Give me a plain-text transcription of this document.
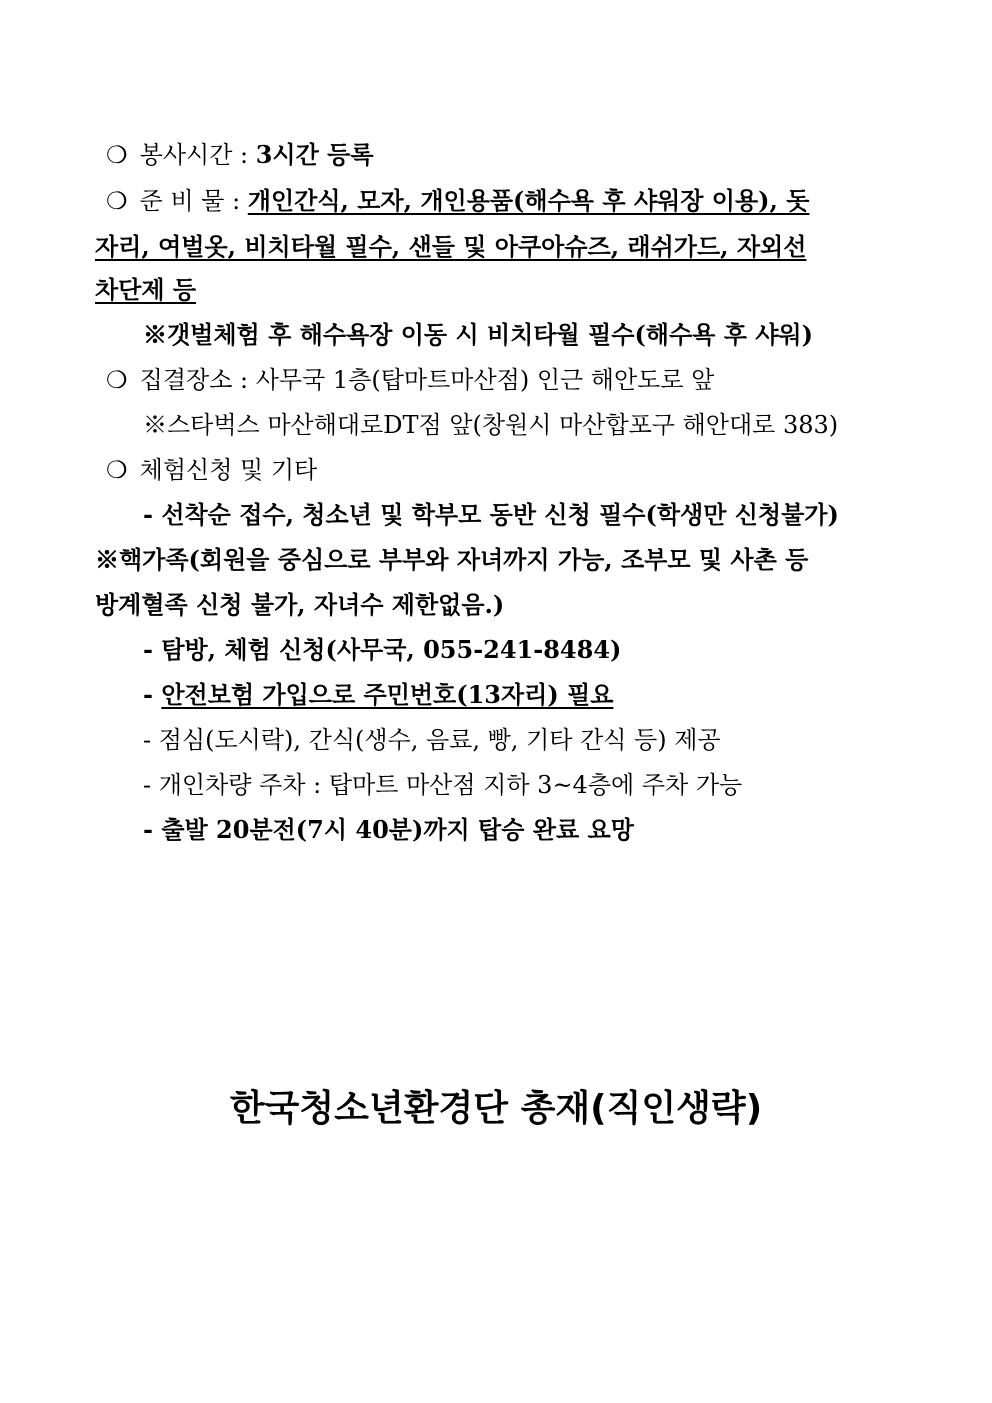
❍ 봉사시간 : 3시간 등록
❍ 준 비 물 : 개인간식, 모자, 개인용품(해수욕 후 샤워장 이용), 돗
자리, 여벌옷, 비치타월 필수, 샌들 및 아쿠아슈즈, 래쉬가드, 자외선
차단제 등
※갯벌체험 후 해수욕장 이동 시 비치타월 필수(해수욕 후 샤워)
❍ 집결장소 : 사무국 1층(탑마트마산점) 인근 해안도로 앞
※스타벅스 마산해대로DT점 앞(창원시 마산합포구 해안대로 383)
❍ 체험신청 및 기타
- 선착순 접수, 청소년 및 학부모 동반 신청 필수(학생만 신청불가)
※핵가족(회원을 중심으로 부부와 자녀까지 가능, 조부모 및 사촌 등
방계혈족 신청 불가, 자녀수 제한없음.)
- 탐방, 체험 신청(사무국, 055-241-8484)
- 안전보험 가입으로 주민번호(13자리) 필요
- 점심(도시락), 간식(생수, 음료, 빵, 기타 간식 등) 제공
- 개인차량 주차 : 탑마트 마산점 지하 3~4층에 주차 가능
- 출발 20분전(7시 40분)까지 탑승 완료 요망
한국청소년환경단 총재(직인생략)
